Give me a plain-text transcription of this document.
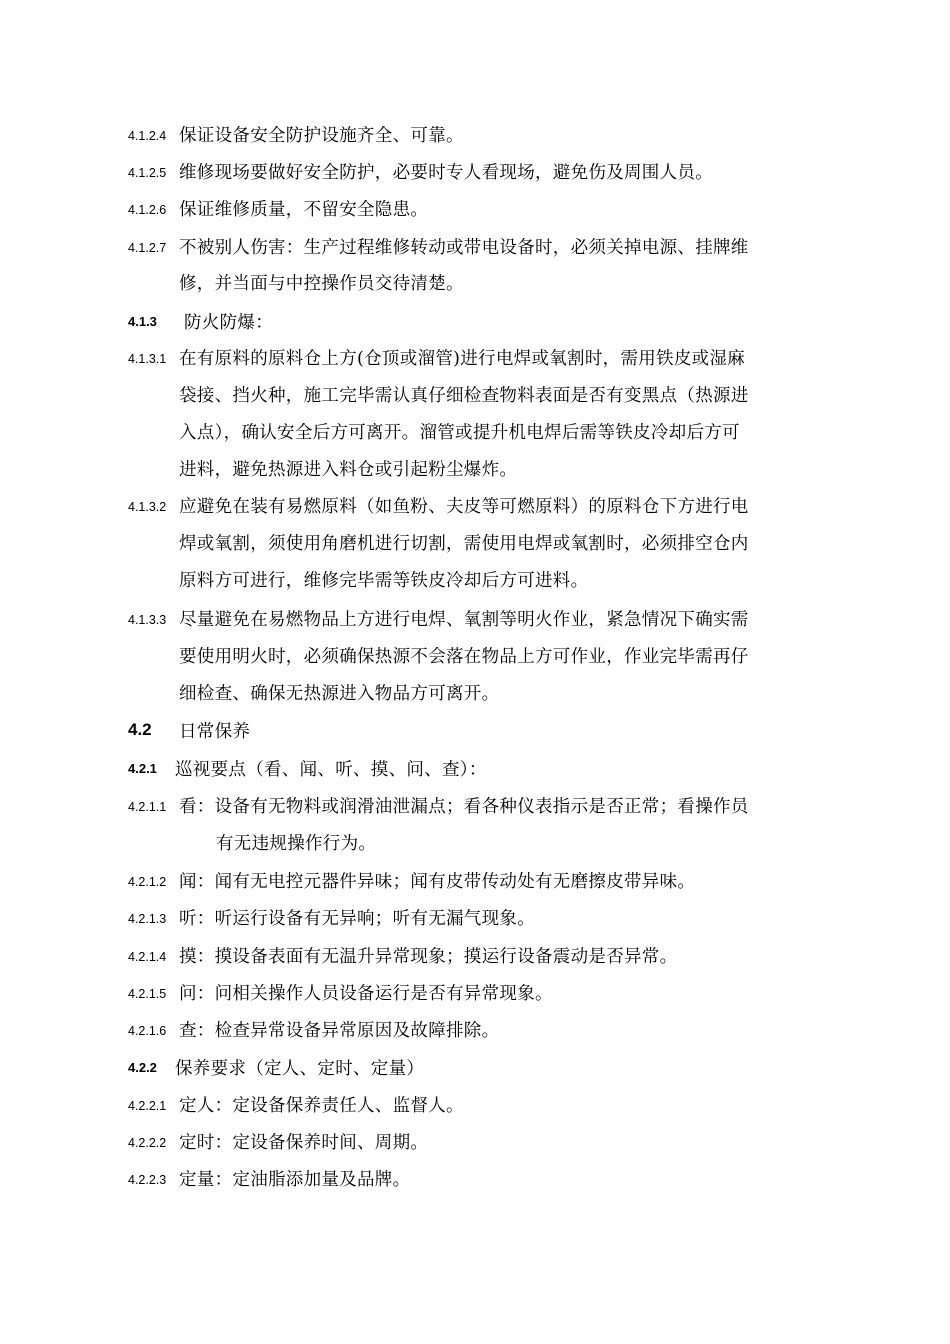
4.1.2.4 保证设备安全防护设施齐全、可靠。
4.1.2.5 维修现场要做好安全防护，必要时专人看现场，避免伤及周围人员。
4.1.2.6 保证维修质量，不留安全隐患。
4.1.2.7 不被别人伤害：生产过程维修转动或带电设备时，必须关掉电源、挂牌维
修，并当面与中控操作员交待清楚。
4.1.3 防火防爆：
4.1.3.1 在有原料的原料仓上方(仓顶或溜管)进行电焊或氧割时，需用铁皮或湿麻
袋接、挡火种，施工完毕需认真仔细检查物料表面是否有变黑点（热源进
入点），确认安全后方可离开。溜管或提升机电焊后需等铁皮冷却后方可
进料，避免热源进入料仓或引起粉尘爆炸。
4.1.3.2 应避免在装有易燃原料（如鱼粉、夫皮等可燃原料）的原料仓下方进行电
焊或氧割，须使用角磨机进行切割，需使用电焊或氧割时，必须排空仓内
原料方可进行，维修完毕需等铁皮冷却后方可进料。
4.1.3.3 尽量避免在易燃物品上方进行电焊、氧割等明火作业，紧急情况下确实需
要使用明火时，必须确保热源不会落在物品上方可作业，作业完毕需再仔
细检查、确保无热源进入物品方可离开。
4.2 日常保养
4.2.1 巡视要点（看、闻、听、摸、问、查）：
4.2.1.1 看：设备有无物料或润滑油泄漏点；看各种仪表指示是否正常；看操作员
有无违规操作行为。
4.2.1.2 闻：闻有无电控元器件异味；闻有皮带传动处有无磨擦皮带异味。
4.2.1.3 听：听运行设备有无异响；听有无漏气现象。
4.2.1.4 摸：摸设备表面有无温升异常现象；摸运行设备震动是否异常。
4.2.1.5 问：问相关操作人员设备运行是否有异常现象。
4.2.1.6 查：检查异常设备异常原因及故障排除。
4.2.2 保养要求（定人、定时、定量）
4.2.2.1 定人：定设备保养责任人、监督人。
4.2.2.2 定时：定设备保养时间、周期。
4.2.2.3 定量：定油脂添加量及品牌。
